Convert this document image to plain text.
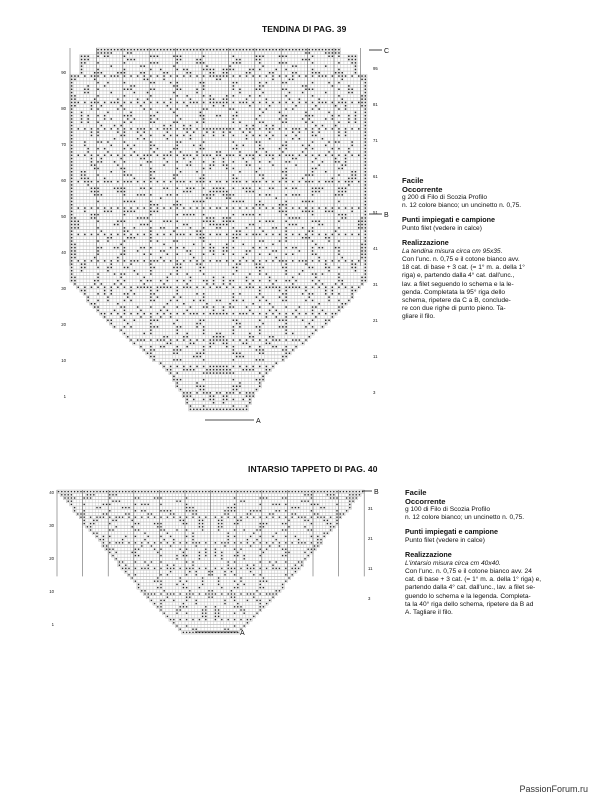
TENDINA DI PAG. 39
90
80
70
60
50
40
30
20
10
1
95
81
71
61
51
41
31
21
11
3
C
B
A
Facile
Occorrente
g 200 di Filo di Scozia Profilo
n. 12 colore bianco; un uncinetto n. 0,75.
Punti impiegati e campione
Punto filet (vedere in calce)
Realizzazione
La tendina misura circa cm 95x35.
Con l'unc. n. 0,75 e il cotone bianco avv.
18 cat. di base + 3 cat. (= 1° m. a. della 1°
riga) e, partendo dalla 4° cat. dall'unc.,
lav. a filet seguendo lo schema e la le-
genda. Completata la 95° riga dello
schema, ripetere da C a B, conclude-
re con due righe di punto pieno. Ta-
gliare il filo.
INTARSIO TAPPETO DI PAG. 40
40
30
20
10
1
31
21
11
3
B
A
Facile
Occorrente
g 100 di Filo di Scozia Profilo
n. 12 colore bianco; un uncinetto n. 0,75.
Punti impiegati e campione
Punto filet (vedere in calce)
Realizzazione
L'intarsio misura circa cm 40x40.
Con l'unc. n. 0,75 e il cotone bianco avv. 24
cat. di base + 3 cat. (= 1° m. a. della 1° riga) e,
partendo dalla 4° cat. dall'unc., lav. a filet se-
guendo lo schema e la legenda. Completa-
ta la 40° riga dello schema, ripetere da B ad
A. Tagliare il filo.
PassionForum.ru
